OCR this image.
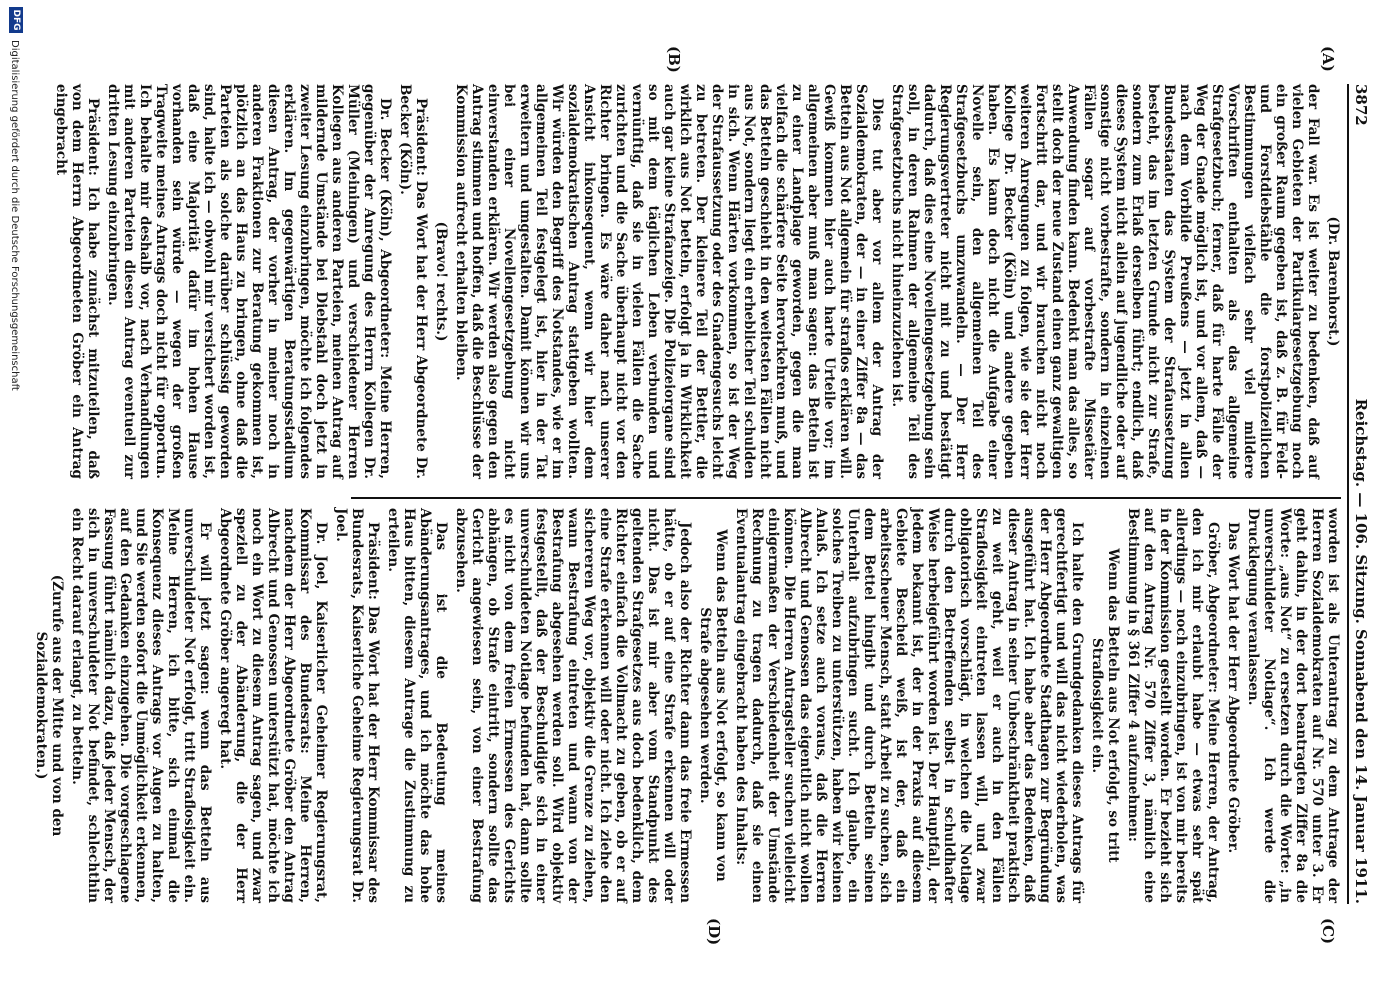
3872
Reichstag. — 106. Sitzung. Sonnabend den 14. Januar 1911.
(A)
(B)
(C)
(D)

(Dr. Barenhorst.)

der Fall war. Es ist weiter zu bedenken, daß auf vielen Gebieten der Partikulargesetzgebung noch ein großer Raum gegeben ist, daß z. B. für Feld- und Forstdiebstähle die forstpolizeilichen Bestimmungen vielfach sehr viel mildere Vorschriften enthalten als das allgemeine Strafgesetzbuch; ferner, daß für harte Fälle der Weg der Gnade möglich ist, und vor allem, daß — nach dem Vorbilde Preußens — jetzt in allen Bundesstaaten das System der Strafaussetzung besteht, das im letzten Grunde nicht zur Strafe, sondern zum Erlaß derselben führt; endlich, daß dieses System nicht allein auf jugendliche oder auf sonstige nicht vorbestrafte, sondern in einzelnen Fällen sogar auf vorbestrafte Missetäter Anwendung finden kann. Bedenkt man das alles, so stellt doch der neue Zustand einen ganz gewaltigen Fortschritt dar, und wir brauchen nicht noch weiteren Anregungen zu folgen, wie sie der Herr Kollege Dr. Becker (Köln) und andere gegeben haben. Es kann doch nicht die Aufgabe einer Novelle sein, den allgemeinen Teil des Strafgesetzbuchs umzuwandeln. — Der Herr Regierungsvertreter nicht mit zu und bestätigt dadurch, daß dies eine Novellengesetzgebung sein soll, in deren Rahmen der allgemeine Teil des Strafgesetzbuchs nicht hineinzuziehen ist.

Dies tut aber vor allem der Antrag der Sozialdemokraten, der — in einer Ziffer 8a — das Betteln aus Not allgemein für straflos erklären will. Gewiß kommen hier auch harte Urteile vor; im allgemeinen aber muß man sagen: das Betteln ist zu einer Landplage geworden, gegen die man vielfach die schärfere Seite hervorkehren muß, und das Betteln geschieht in den weitesten Fällen nicht aus Not, sondern liegt ein erheblicher Teil schulden in sich. Wenn Härten vorkommen, so ist der Weg der Strafaussetzung oder des Gnadengesuchs leicht zu betreten. Der kleinere Teil der Bettler, die wirklich aus Not betteln, erfolgt ja in Wirklichkeit auch gar keine Strafanzeige. Die Polizeiorgane sind so mit dem täglichen Leben verbunden und vernünftig, daß sie in vielen Fällen die Sache zurichten und die Sache überhaupt nicht vor den Richter bringen. Es wäre daher nach unserer Ansicht inkonsequent, wenn wir hier dem sozialdemokratischen Antrag stattgeben wollten. Wir würden den Begriff des Notstandes, wie er im allgemeinen Teil festgelegt ist, hier in der Tat erweitern und umgestalten. Damit können wir uns bei einer Novellengesetzgebung nicht einverstanden erklären. Wir werden also gegen den Antrag stimmen und hoffen, daß die Beschlüsse der Kommission aufrecht erhalten bleiben.

(Bravo! rechts.)

Präsident: Das Wort hat der Herr Abgeordnete Dr. Becker (Köln).

Dr. Becker (Köln), Abgeordneter: Meine Herren, gegenüber der Anregung des Herrn Kollegen Dr. Müller (Meiningen) und verschiedener Herren Kollegen aus anderen Parteien, meinen Antrag auf mildernde Umstände bei Diebstahl doch jetzt in zweiter Lesung einzubringen, möchte ich folgendes erklären. Im gegenwärtigen Beratungsstadium diesen Antrag, der vorher in meiner noch in anderen Fraktionen zur Beratung gekommen ist, plötzlich an das Haus zu bringen, ohne daß die Parteien als solche darüber schlüssig geworden sind, halte ich — obwohl mir versichert worden ist, daß eine Majorität dafür im hohen Hause vorhanden sein würde — wegen der großen Tragweite meines Antrags doch nicht für opportun. Ich behalte mir deshalb vor, nach Verhandlungen mit anderen Parteien diesen Antrag eventuell zur dritten Lesung einzubringen.

Präsident: Ich habe zunächst mitzuteilen, daß von dem Herrn Abgeordneten Gröber ein Antrag eingebracht

worden ist als Unterantrag zu dem Antrage der Herren Sozialdemokraten auf Nr. 570 unter 3. Er geht dahin, in der dort beantragten Ziffer 8a die Worte: „aus Not“ zu ersetzen durch die Worte: „in unverschuldeter Notlage“. Ich werde die Drucklegung veranlassen.

Das Wort hat der Herr Abgeordnete Gröber.

Gröber, Abgeordneter: Meine Herren, der Antrag, den ich mir erlaubt habe — etwas sehr spät allerdings — noch einzubringen, ist von mir bereits in der Kommission gestellt worden. Er bezieht sich auf den Antrag Nr. 570 Ziffer 3, nämlich eine Bestimmung in § 361 Ziffer 4 aufzunehmen:

Wenn das Betteln aus Not erfolgt, so tritt Straflosigkeit ein.

Ich halte den Grundgedanken dieses Antrags für gerechtfertigt und will das nicht wiederholen, was der Herr Abgeordnete Stadthagen zur Begründung ausgeführt hat. Ich habe aber das Bedenken, daß dieser Antrag in seiner Unbeschränktheit praktisch zu weit geht, weil er auch in den Fällen Straflosigkeit eintreten lassen will, und zwar obligatorisch vorschlägt, in welchen die Notlage durch den Betreffenden selbst in schuldhafter Weise herbeigeführt worden ist. Der Hauptfall, der jedem bekannt ist, der in der Praxis auf diesem Gebiete Bescheid weiß, ist der, daß ein arbeitsscheuer Mensch, statt Arbeit zu suchen, sich dem Bettel hingibt und durch Betteln seinen Unterhalt aufzubringen sucht. Ich glaube, ein solches Treiben zu unterstützen, haben wir keinen Anlaß. Ich setze auch voraus, daß die Herren Albrecht und Genossen das eigentlich nicht wollen können. Die Herren Antragsteller suchen vielleicht einigermaßen der Verschiedenheit der Umstände Rechnung zu tragen dadurch, daß sie einen Eventualantrag eingebracht haben des Inhalts:

Wenn das Betteln aus Not erfolgt, so kann von Strafe abgesehen werden.

Jedoch also der Richter dann das freie Ermessen hätte, ob er auf eine Strafe erkennen will oder nicht. Das ist mir aber vom Standpunkt des geltenden Strafgesetzes aus doch bedenklich, dem Richter einfach die Vollmacht zu geben, ob er auf eine Strafe erkennen will oder nicht. Ich ziehe den sichereren Weg vor, objektiv die Grenze zu ziehen, wann Bestrafung eintreten und wann von der Bestrafung abgesehen werden soll. Wird objektiv festgestellt, daß der Beschuldigte sich in einer unverschuldeten Notlage befunden hat, dann sollte es nicht von dem freien Ermessen des Gerichts abhängen, ob Strafe eintritt, sondern sollte das Gericht angewiesen sein, von einer Bestrafung abzusehen.

Das ist die Bedeutung meines Abänderungsantrages, und ich möchte das hohe Haus bitten, diesem Antrage die Zustimmung zu erteilen.

Präsident: Das Wort hat der Herr Kommissar des Bundesrats, Kaiserliche Geheime Regierungsrat Dr. Joel.

Dr. Joel, Kaiserlicher Geheimer Regierungsrat, Kommissar des Bundesrats: Meine Herren, nachdem der Herr Abgeordnete Gröber den Antrag Albrecht und Genossen unterstützt hat, möchte ich noch ein Wort zu diesem Antrag sagen, und zwar speziell zu der Abänderung, die der Herr Abgeordnete Gröber angeregt hat.

Er will jetzt sagen: wenn das Betteln aus unverschuldeter Not erfolgt, tritt Straflosigkeit ein. Meine Herren, ich bitte, sich einmal die Konsequenz dieses Antrags vor Augen zu halten, und Sie werden sofort die Unmöglichkeit erkennen, auf den Gedanken einzugehen. Die vorgeschlagene Fassung führt nämlich dazu, daß jeder Mensch, der sich in unverschuldeter Not befindet, schlechthin ein Recht darauf erlangt, zu betteln.

(Zurufe aus der Mitte und von den Sozialdemokraten.)

Digitalisierung gefördert durch die Deutsche Forschungsgemeinschaft
DFG
